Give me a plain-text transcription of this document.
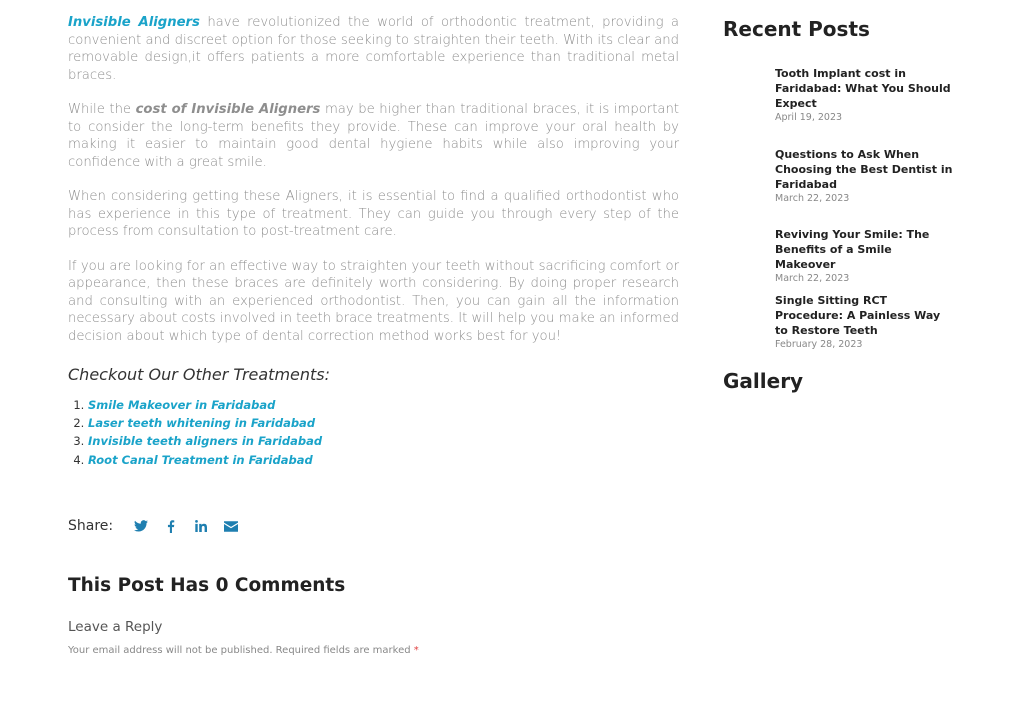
Invisible Aligners have revolutionized the world of orthodontic treatment, providing a convenient and discreet option for those seeking to straighten their teeth. With its clear and removable design,it offers patients a more comfortable experience than traditional metal braces.

While the cost of Invisible Aligners may be higher than traditional braces, it is important to consider the long-term benefits they provide. These can improve your oral health by making it easier to maintain good dental hygiene habits while also improving your confidence with a great smile.

When considering getting these Aligners, it is essential to find a qualified orthodontist who has experience in this type of treatment. They can guide you through every step of the process from consultation to post-treatment care.

If you are looking for an effective way to straighten your teeth without sacrificing comfort or appearance, then these braces are definitely worth considering. By doing proper research and consulting with an experienced orthodontist. Then, you can gain all the information necessary about costs involved in teeth brace treatments. It will help you make an informed decision about which type of dental correction method works best for you!

Checkout Our Other Treatments:
1. Smile Makeover in Faridabad
2. Laser teeth whitening in Faridabad
3. Invisible teeth aligners in Faridabad
4. Root Canal Treatment in Faridabad
Share:
This Post Has 0 Comments
Leave a Reply
Your email address will not be published. Required fields are marked *
Recent Posts
Tooth Implant cost in Faridabad: What You Should Expect
April 19, 2023
Questions to Ask When Choosing the Best Dentist in Faridabad
March 22, 2023
Reviving Your Smile: The Benefits of a Smile Makeover
March 22, 2023
Single Sitting RCT Procedure: A Painless Way to Restore Teeth
February 28, 2023
Gallery
